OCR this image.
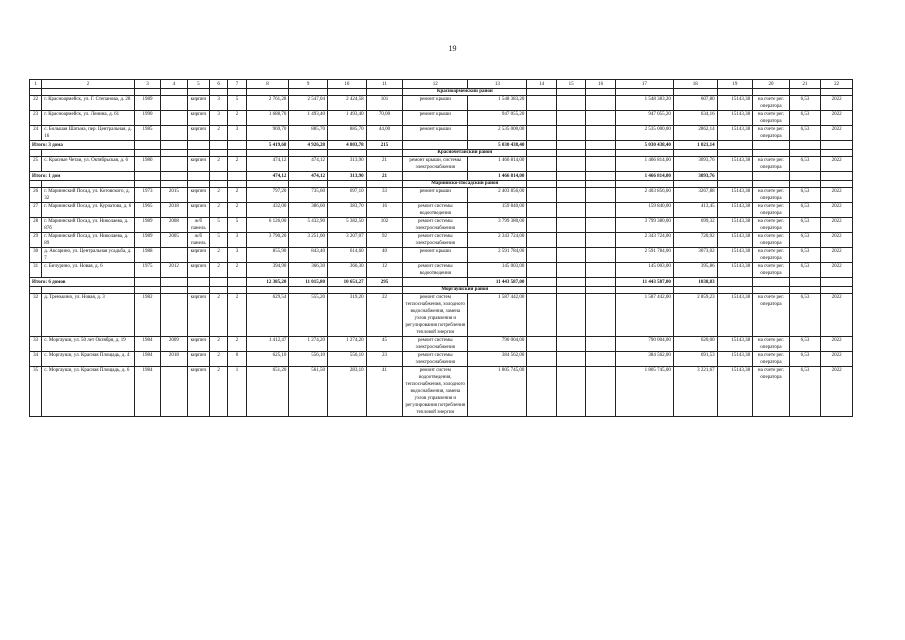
19
1	2	3	4	5	6	7	8	9	10	11	12	13	14	15	16	17	18	19	20	21	22
											Красноармейский район										
22	г. Красноармейск, ул. Г. Степанова, д. 28	1989		кирпич	3	5	2 761,28	2 547,04	2 424,58	101	ремонт крыши	1 548 383,20				1 548 383,20	607,80	15143,38	на счете рег. оператора	6,53	2022
23	г. Красноармейск, ул. Ленина, д. 61	1990		кирпич	3	2	1 688,70	1 493,40	1 493,40	70,00	ремонт крыши	947 055,20				947 055,20	634,16	15143,38	на счете рег. оператора	6,53	2022
24	с. Большая Шатьма, пер. Центральная, д. 16	1985		кирпич	2	3	969,70	885,70	885,70	44,00	ремонт крыши	2 535 000,00				2 535 000,00	2862,14	15143,38	на счете рег. оператора	6,53	2022
Итого: 3 дома							5 419,68	4 926,28	4 803,78	215		5 030 438,40				5 030 438,40	1 021,14				
											Красночетайский район										
25	с. Красные Четаи, ул. Октябрьская, д. 6	1980		кирпич	2	2	474,12	474,12	313,90	21	ремонт крыши, системы электроснабжения	1 466 814,00				1 466 814,00	3093,76	15143,38	на счете рег. оператора	6,53	2022
Итого: 1 дом							474,12	474,12	313,90	21		1 466 814,00				1 466 814,00	3093,76				
											Мариинско-Посадский район										
26	г. Мариинский Посад, ул. Котовского, д. 32	1973	2015	кирпич	2	2	797,20	735,60	697,10	33	ремонт крыши	2 403 856,00				2 403 856,00	3267,88	15143,38	на счете рег. оператора	6,53	2022
27	г. Мариинский Посад, ул. Курчатова, д. 6	1965	2018	кирпич	2	2	432,00	386,60	383,70	16	ремонт системы водоотведения	159 840,00				159 840,00	413,45	15143,38	на счете рег. оператора	6,53	2022
28	г. Мариинский Посад, ул. Николаева, д. 87б	1989	2008	ж/б панель	5	5	6 126,00	5 432,90	5 382,50	102	ремонт системы электроснабжения	3 799 380,00				3 799 380,00	699,32	15143,38	на счете рег. оператора	6,53	2022
29	г. Мариинский Посад, ул. Николаева, д. 89	1989	2005	ж/б панель	5	3	3 790,20	3 251,00	3 207,07	92	ремонт системы электроснабжения	2 343 724,00				2 343 724,00	720,92	15143,38	на счете рег. оператора	6,53	2022
30	д. Аксарино, ул. Центральная усадьба, д. 7	1988		кирпич	2	3	855,90	843,40	614,60	40	ремонт крыши	2 591 784,00				2 591 784,00	3073,02	15143,38	на счете рег. оператора	6,53	2022
31	с. Бичурино, ул. Новая, д. 6	1975	2012	кирпич	2	2	394,90	366,30	366,30	12	ремонт системы водоотведения	145 003,00				145 003,00	395,86	15143,38	на счете рег. оператора	6,53	2022
Итого: 6 домов							12 385,20	11 015,80	10 651,27	295		11 443 587,00				11 443 587,00	1038,83				
											Моргаушский район										
32	д. Тренькино, ул. Новая, д. 3	1982		кирпич	2	2	629,54	555,20	319,20	22	ремонт систем теплоснабжения, холодного водоснабжения, замена узлов управления и регулирования потребления тепловой энергии	1 587 442,00				1 587 442,00	2 859,23	15143,38	на счете рег. оператора	6,53	2022
33	с. Моргауши, ул. 50 лет Октября, д. 19	1984	2009	кирпич	2	2	1 412,47	1 274,20	1 274,20	45	ремонт системы электроснабжения	790 004,00				790 004,00	620,00	15143,38	на счете рег. оператора	6,53	2022
34	с. Моргауши, ул. Красная Площадь, д. 4	1984	2018	кирпич	2	0	625,10	556,10	556,10	23	ремонт системы электроснабжения	384 562,00				384 562,00	691,53	15143,38	на счете рег. оператора	6,53	2022
35	с. Моргауши, ул. Красная Площадь, д. 6	1984		кирпич	2	1	651,20	561,50	283,10	41	ремонт систем водоотведения, теплоснабжения, холодного водоснабжения, замена узлов управления и регулирования потребления тепловой энергии	1 805 745,00				1 805 745,00	3 221,67	15143,38	на счете рег. оператора	6,53	2022
